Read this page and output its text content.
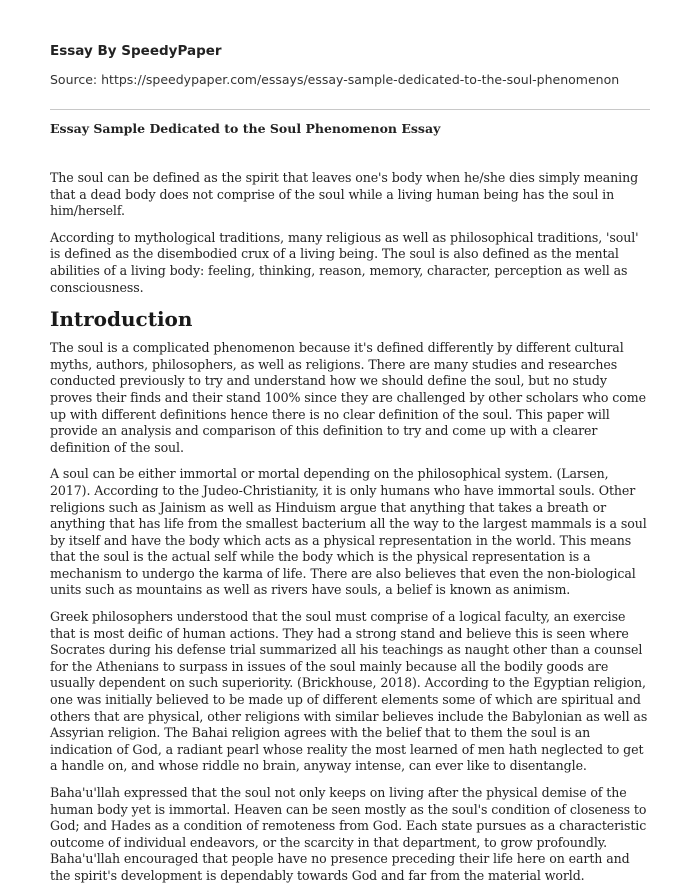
Essay By SpeedyPaper
Source: https://speedypaper.com/essays/essay-sample-dedicated-to-the-soul-phenomenon
Essay Sample Dedicated to the Soul Phenomenon Essay

The soul can be defined as the spirit that leaves one's body when he/she dies simply meaning that a dead body does not comprise of the soul while a living human being has the soul in him/herself.

According to mythological traditions, many religious as well as philosophical traditions, 'soul' is defined as the disembodied crux of a living being. The soul is also defined as the mental abilities of a living body: feeling, thinking, reason, memory, character, perception as well as consciousness.

Introduction

The soul is a complicated phenomenon because it's defined differently by different cultural myths, authors, philosophers, as well as religions. There are many studies and researches conducted previously to try and understand how we should define the soul, but no study proves their finds and their stand 100% since they are challenged by other scholars who come up with different definitions hence there is no clear definition of the soul. This paper will provide an analysis and comparison of this definition to try and come up with a clearer definition of the soul.

A soul can be either immortal or mortal depending on the philosophical system. (Larsen, 2017). According to the Judeo-Christianity, it is only humans who have immortal souls. Other religions such as Jainism as well as Hinduism argue that anything that takes a breath or anything that has life from the smallest bacterium all the way to the largest mammals is a soul by itself and have the body which acts as a physical representation in the world. This means that the soul is the actual self while the body which is the physical representation is a mechanism to undergo the karma of life. There are also believes that even the non-biological units such as mountains as well as rivers have souls, a belief is known as animism.

Greek philosophers understood that the soul must comprise of a logical faculty, an exercise that is most deific of human actions. They had a strong stand and believe this is seen where Socrates during his defense trial summarized all his teachings as naught other than a counsel for the Athenians to surpass in issues of the soul mainly because all the bodily goods are usually dependent on such superiority. (Brickhouse, 2018). According to the Egyptian religion, one was initially believed to be made up of different elements some of which are spiritual and others that are physical, other religions with similar believes include the Babylonian as well as Assyrian religion. The Bahai religion agrees with the belief that to them the soul is an indication of God, a radiant pearl whose reality the most learned of men hath neglected to get a handle on, and whose riddle no brain, anyway intense, can ever like to disentangle.

Baha'u'llah expressed that the soul not only keeps on living after the physical demise of the human body yet is immortal. Heaven can be seen mostly as the soul's condition of closeness to God; and Hades as a condition of remoteness from God. Each state pursues as a characteristic outcome of individual endeavors, or the scarcity in that department, to grow profoundly. Baha'u'llah encouraged that people have no presence preceding their life here on earth and the spirit's development is dependably towards God and far from the material world.
